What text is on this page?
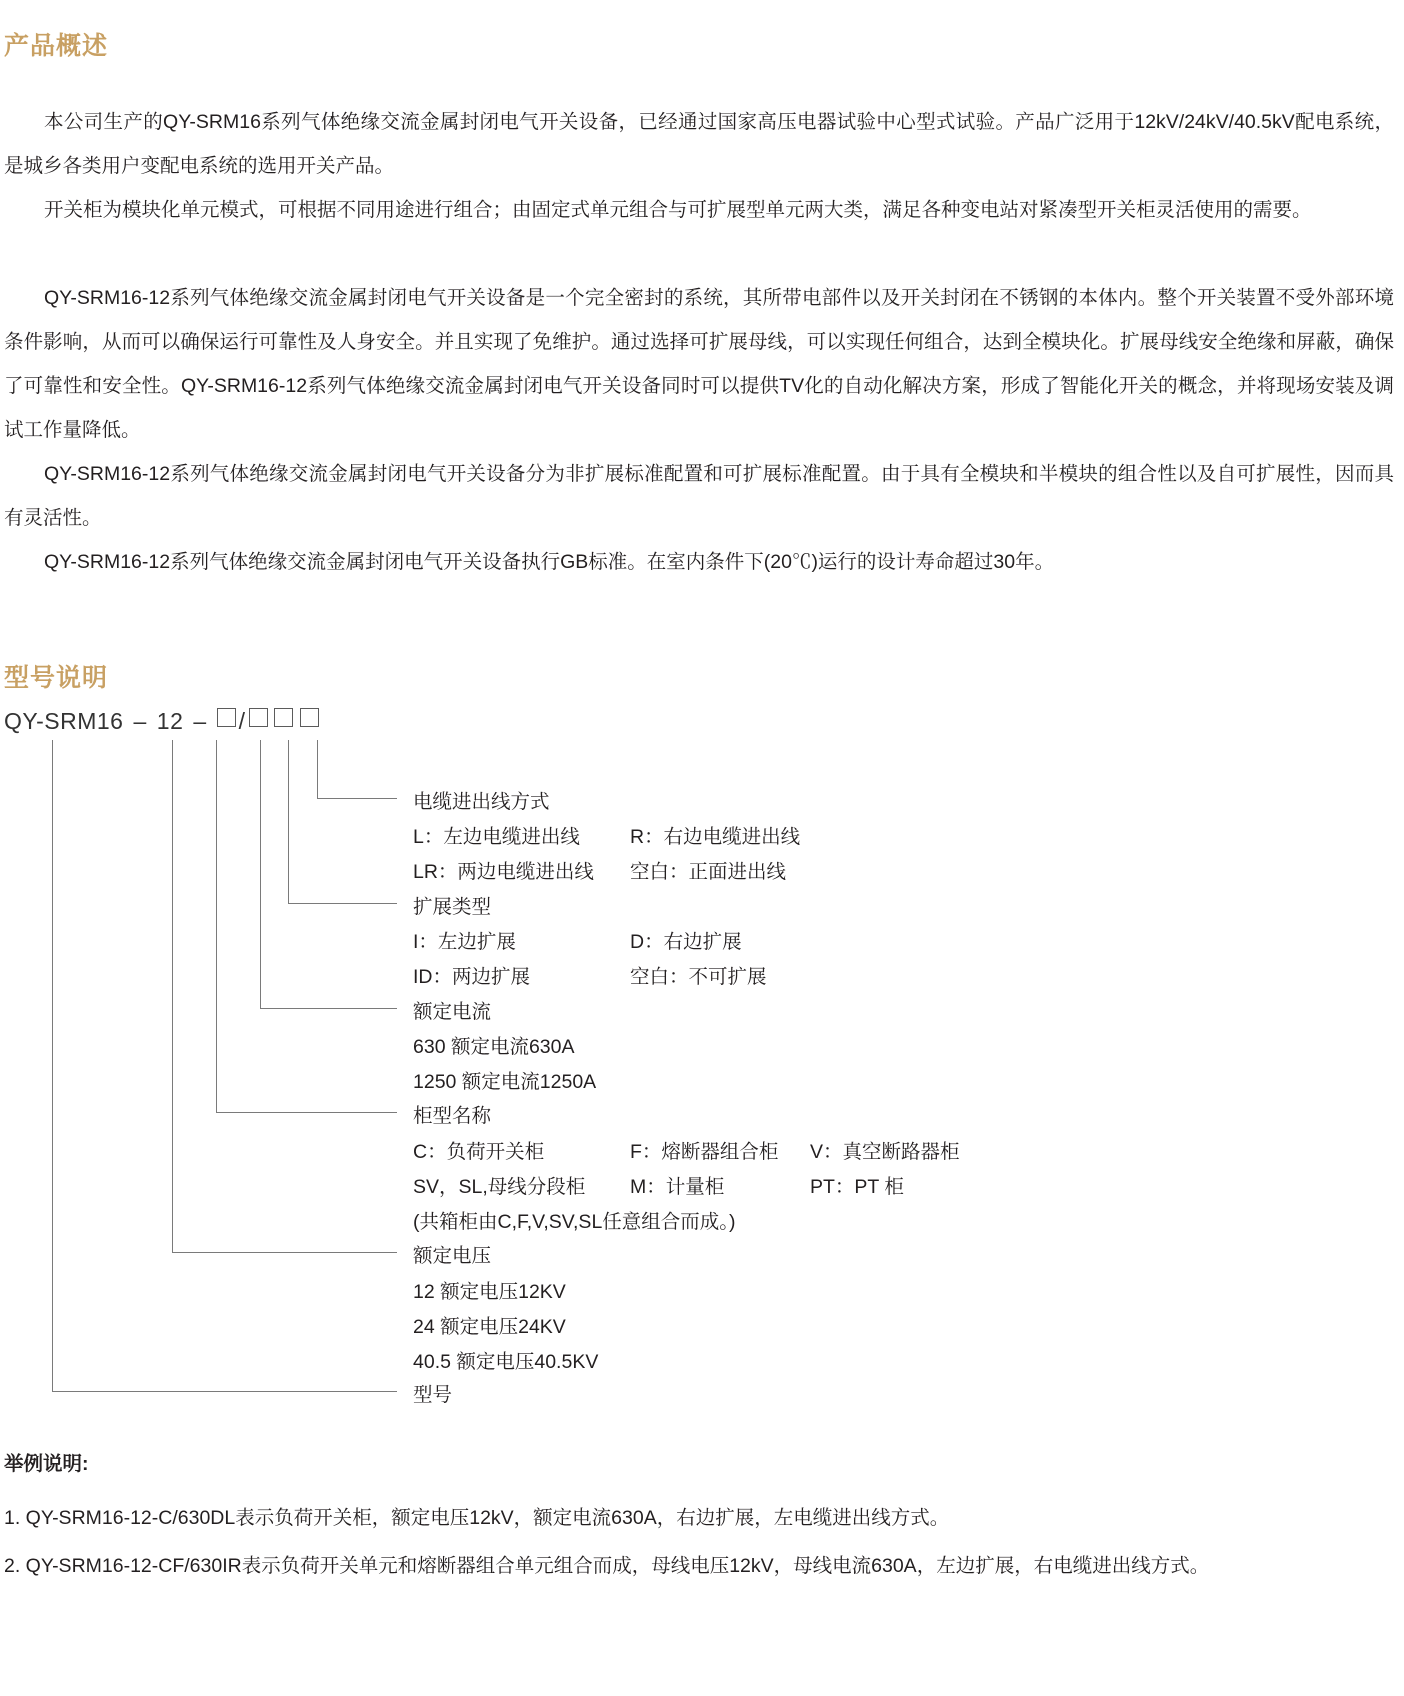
产品概述

本公司生产的QY-SRM16系列气体绝缘交流金属封闭电气开关设备，已经通过国家高压电器试验中心型式试验。产品广泛用于12kV/24kV/40.5kV配电系统，是城乡各类用户变配电系统的选用开关产品。

开关柜为模块化单元模式，可根据不同用途进行组合；由固定式单元组合与可扩展型单元两大类，满足各种变电站对紧凑型开关柜灵活使用的需要。

QY-SRM16-12系列气体绝缘交流金属封闭电气开关设备是一个完全密封的系统，其所带电部件以及开关封闭在不锈钢的本体内。整个开关装置不受外部环境条件影响，从而可以确保运行可靠性及人身安全。并且实现了免维护。通过选择可扩展母线，可以实现任何组合，达到全模块化。扩展母线安全绝缘和屏蔽，确保了可靠性和安全性。QY-SRM16-12系列气体绝缘交流金属封闭电气开关设备同时可以提供TV化的自动化解决方案，形成了智能化开关的概念，并将现场安装及调试工作量降低。

QY-SRM16-12系列气体绝缘交流金属封闭电气开关设备分为非扩展标准配置和可扩展标准配置。由于具有全模块和半模块的组合性以及自可扩展性，因而具有灵活性。

QY-SRM16-12系列气体绝缘交流金属封闭电气开关设备执行GB标准。在室内条件下(20℃)运行的设计寿命超过30年。

型号说明
QY-SRM16 – 12 – /
电缆进出线方式
L：左边电缆进出线	R：右边电缆进出线
LR：两边电缆进出线 空白：正面进出线
扩展类型
I：左边扩展	D：右边扩展
ID：两边扩展	空白：不可扩展
额定电流
630 额定电流630A
1250 额定电流1250A
柜型名称
C：负荷开关柜	F：熔断器组合柜 V：真空断路器柜
SV，SL,母线分段柜 M：计量柜	PT：PT 柜
(共箱柜由C,F,V,SV,SL任意组合而成。)
额定电压
12 额定电压12KV
24 额定电压24KV
40.5 额定电压40.5KV
型号
举例说明:
1. QY-SRM16-12-C/630DL表示负荷开关柜，额定电压12kV，额定电流630A，右边扩展，左电缆进出线方式。
2. QY-SRM16-12-CF/630IR表示负荷开关单元和熔断器组合单元组合而成，母线电压12kV，母线电流630A，左边扩展，右电缆进出线方式。
